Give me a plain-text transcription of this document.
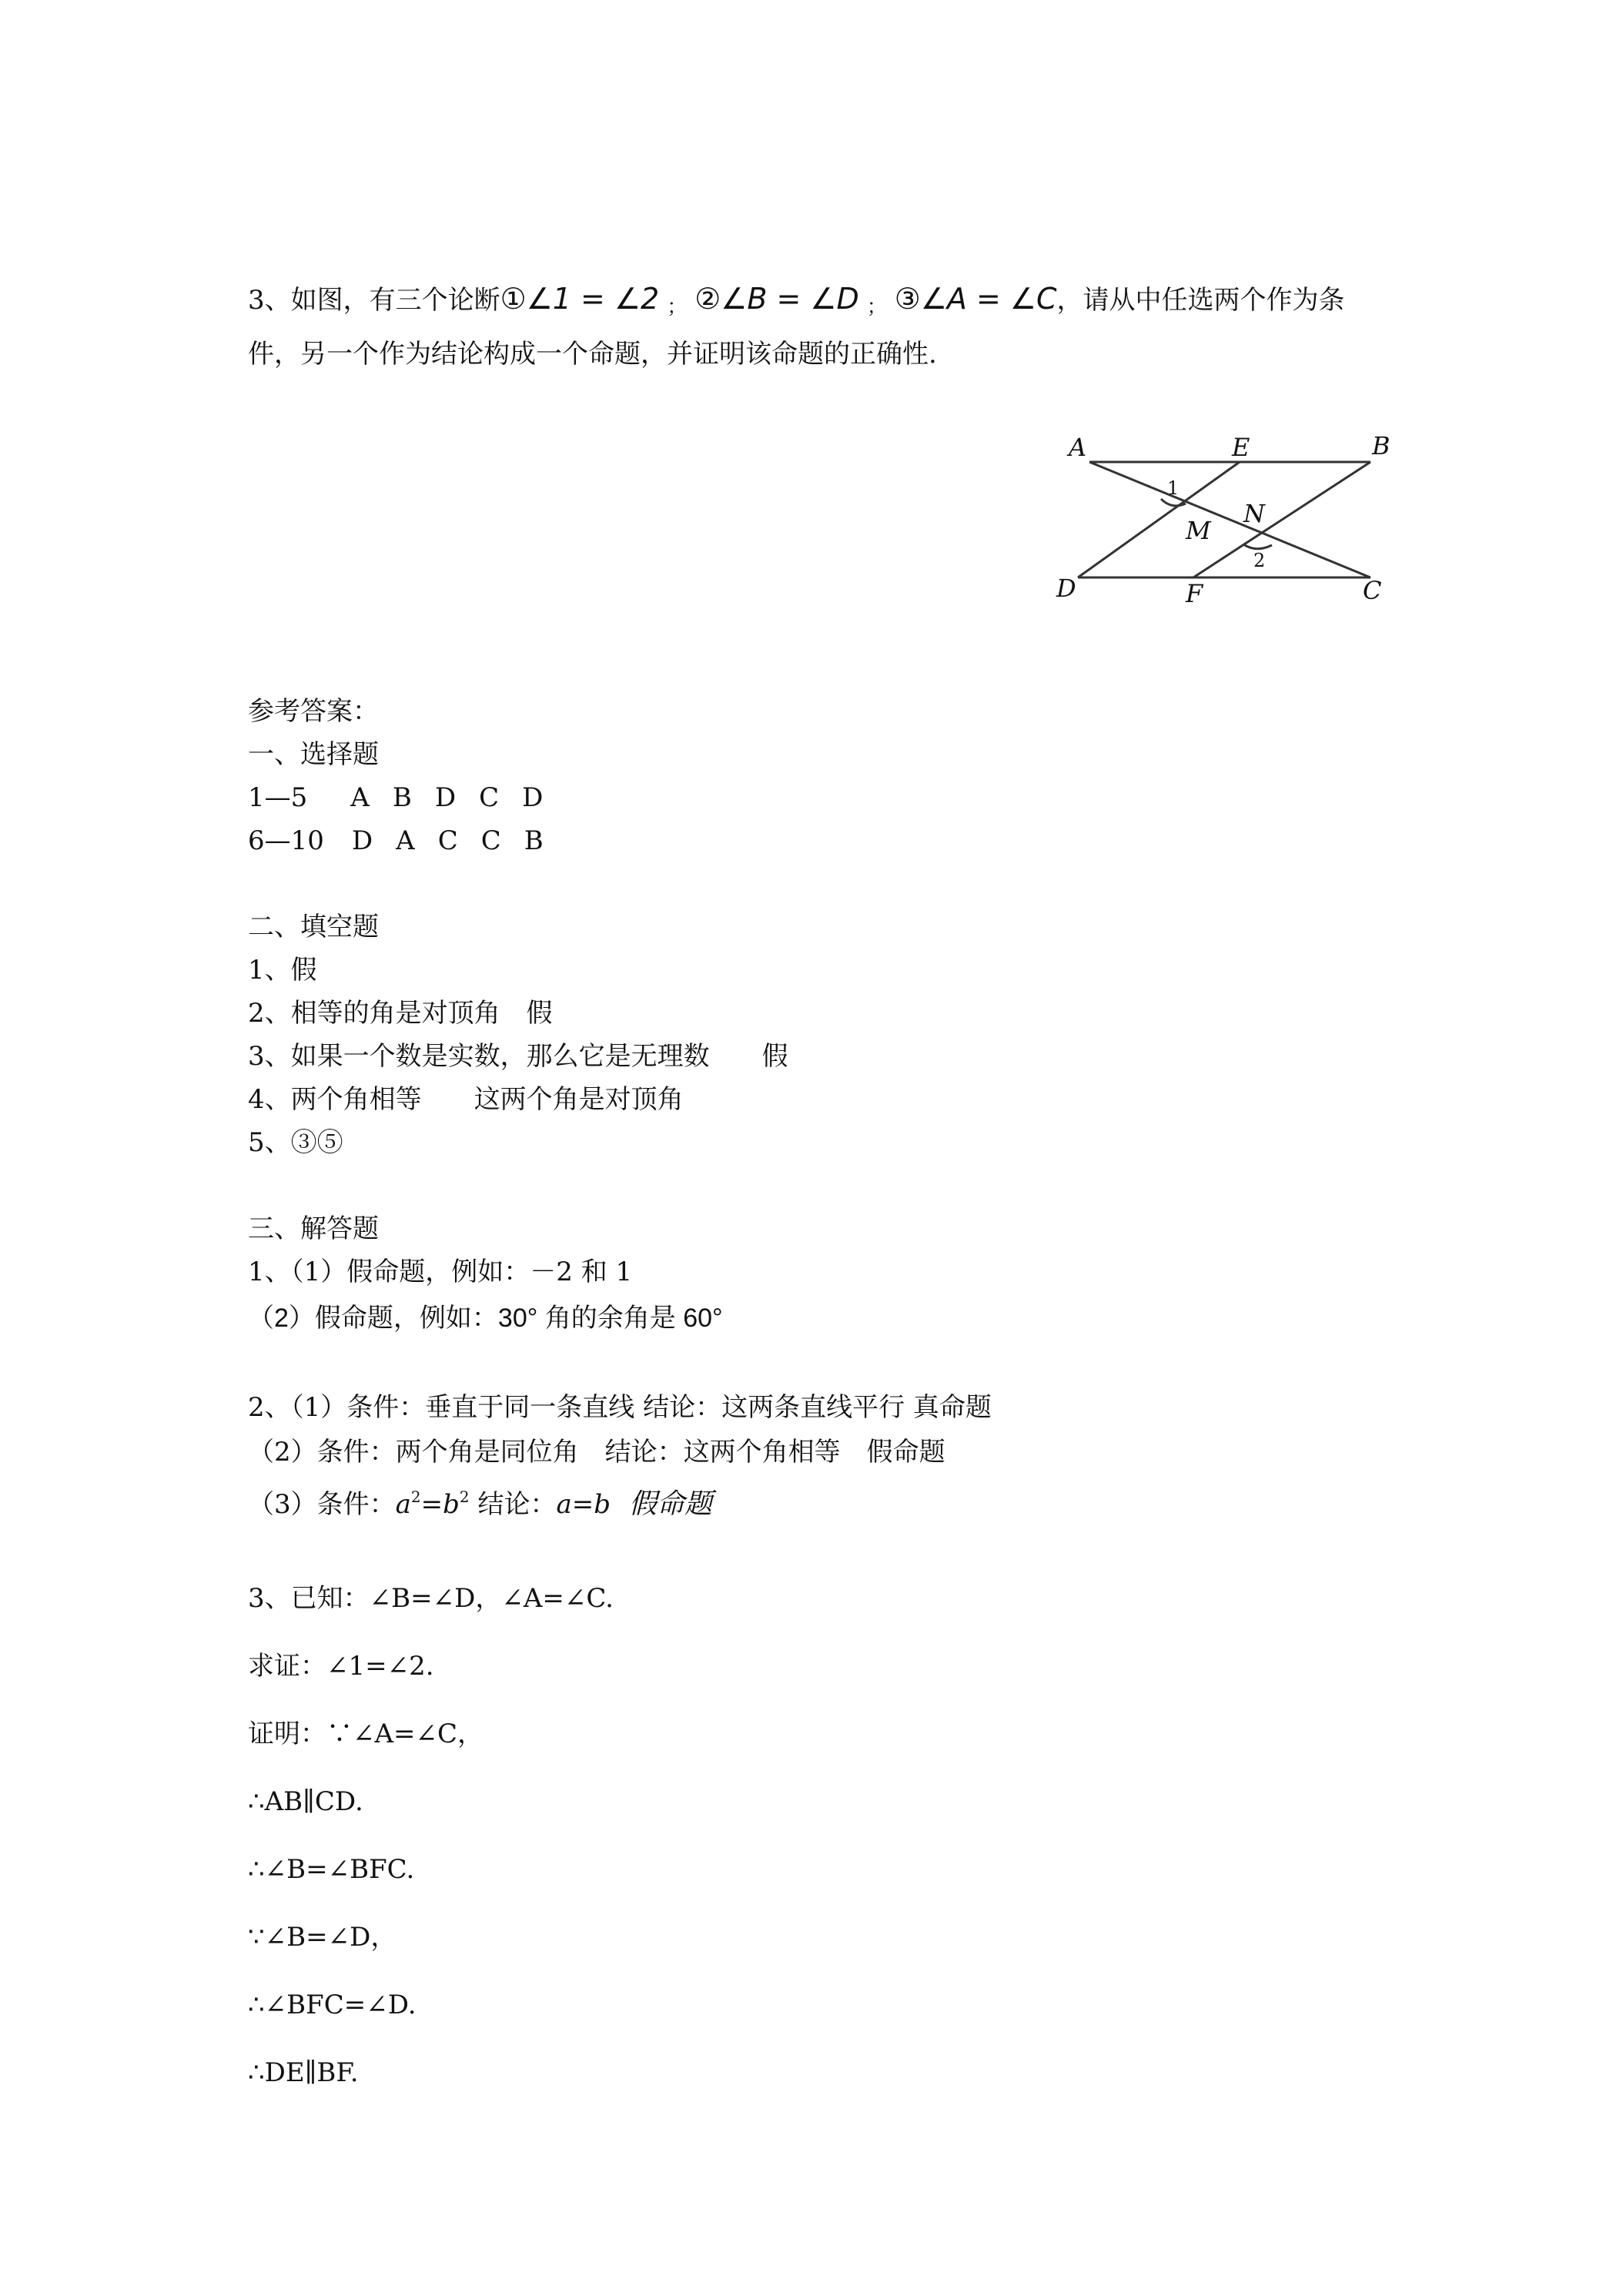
3、如图，有三个论断①∠1 = ∠2 ； ②∠B = ∠D ； ③∠A = ∠C，请从中任选两个作为条
件，另一个作为结论构成一个命题，并证明该命题的正确性.
A	E	B
D	F	C
M
N
1
2
参考答案：
一、选择题
1—5 A B D C D
6—10 D A C C B
二、填空题
1、假
2、相等的角是对顶角　假
3、如果一个数是实数，那么它是无理数　　假
4、两个角相等　　这两个角是对顶角
5、③⑤
三、解答题
1、（1）假命题，例如：－2 和 1
（2）假命题，例如：30° 角的余角是 60°
2、（1）条件：垂直于同一条直线 结论：这两条直线平行 真命题
（2）条件：两个角是同位角　结论：这两个角相等　假命题
（3）条件：$a^2=b^2$ 结论：a=b 假命题
3、已知：∠B=∠D，∠A=∠C.
求证：∠1=∠2.
证明：∵∠A=∠C，
∴AB∥CD.
∴∠B=∠BFC.
∵∠B=∠D，
∴∠BFC=∠D.
∴DE∥BF.
